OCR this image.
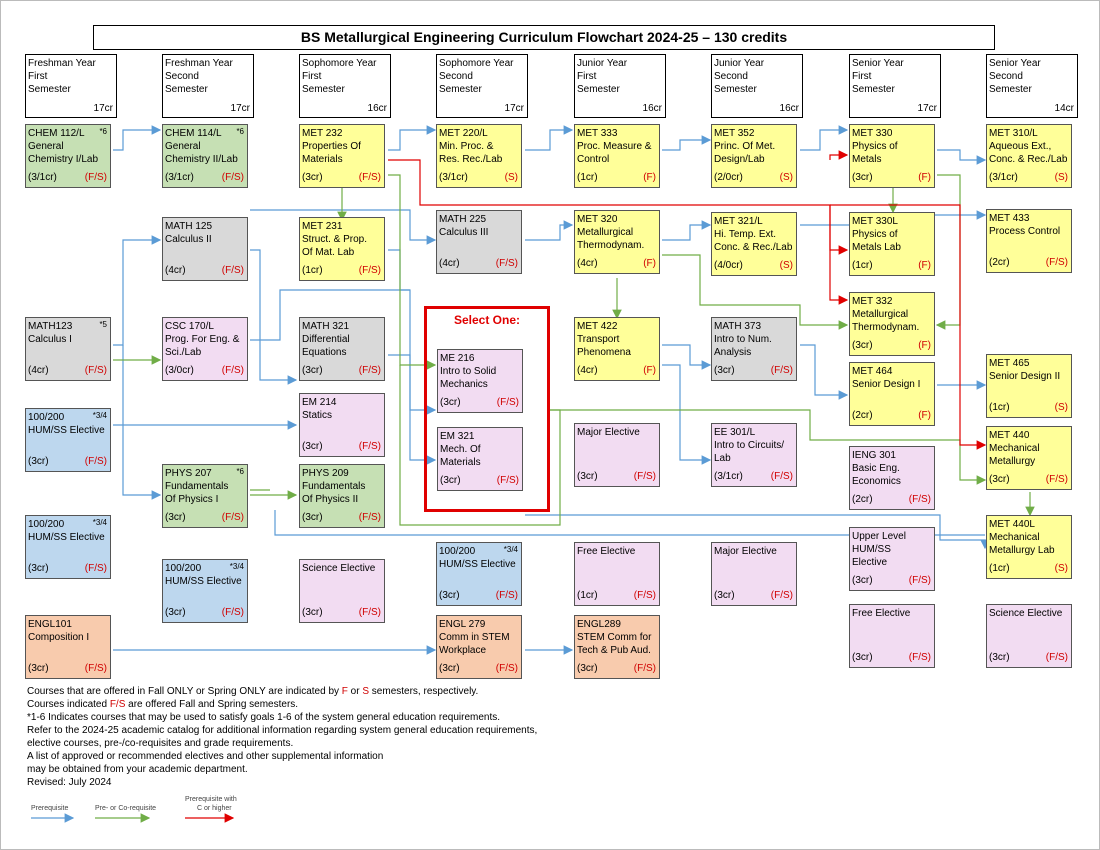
BS Metallurgical Engineering Curriculum Flowchart 2024-25 – 130 credits
Freshman Year
First
Semester
17cr
Freshman Year
Second
Semester
17cr
Sophomore Year
First
Semester
16cr
Sophomore Year
Second
Semester
17cr
Junior Year
First
Semester
16cr
Junior Year
Second
Semester
16cr
Senior Year
First
Semester
17cr
Senior Year
Second
Semester
14cr
CHEM 112/L
General
Chemistry I/Lab
*6
(3/1cr)	(F/S)
CHEM 114/L
General
Chemistry II/Lab
*6
(3/1cr)	(F/S)
MET 232
Properties Of
Materials
(3cr)	(F/S)
MET 220/L
Min. Proc. &
Res. Rec./Lab
(3/1cr)	(S)
MET 333
Proc. Measure &
Control
(1cr)	(F)
MET 352
Princ. Of Met.
Design/Lab
(2/0cr)	(S)
MET 330
Physics of
Metals
(3cr)	(F)
MET 310/L
Aqueous Ext.,
Conc. & Rec./Lab
(3/1cr)	(S)
MATH 125
Calculus II
(4cr)	(F/S)
MET 231
Struct. & Prop.
Of Mat. Lab
(1cr)	(F/S)
MATH 225
Calculus III
(4cr)	(F/S)
MET 320
Metallurgical
Thermodynam.
(4cr)	(F)
MET 321/L
Hi. Temp. Ext.
Conc. & Rec./Lab
(4/0cr)	(S)
MET 330L
Physics of
Metals Lab
(1cr)	(F)
MET 433
Process Control
(2cr)	(F/S)
MATH123
Calculus I
*5
(4cr)	(F/S)
CSC 170/L
Prog. For Eng. &
Sci./Lab
(3/0cr)	(F/S)
MATH 321
Differential
Equations
(3cr)	(F/S)
ME 216
Intro to Solid
Mechanics
(3cr)	(F/S)
MET 422
Transport
Phenomena
(4cr)	(F)
MATH 373
Intro to Num.
Analysis
(3cr)	(F/S)
MET 332
Metallurgical
Thermodynam.
(3cr)	(F)
MET 465
Senior Design II
(1cr)	(S)
100/200
HUM/SS Elective
*3/4
(3cr)	(F/S)
EM 214
Statics
(3cr)	(F/S)
EM 321
Mech. Of
Materials
(3cr)	(F/S)
Major Elective
(3cr)	(F/S)
EE 301/L
Intro to Circuits/
Lab
(3/1cr)	(F/S)
MET 464
Senior Design I
(2cr)	(F)
IENG 301
Basic Eng.
Economics
(2cr)	(F/S)
MET 440
Mechanical
Metallurgy
(3cr)	(F/S)
PHYS 207
Fundamentals
Of Physics I
*6
(3cr)	(F/S)
PHYS 209
Fundamentals
Of Physics II
(3cr)	(F/S)
100/200
HUM/SS Elective
*3/4
(3cr)	(F/S)
100/200
HUM/SS Elective
*3/4
(3cr)	(F/S)
Free Elective
(1cr)	(F/S)
Major Elective
(3cr)	(F/S)
Upper Level
HUM/SS
Elective
(3cr)	(F/S)
MET 440L
Mechanical
Metallurgy Lab
(1cr)	(S)
100/200
HUM/SS Elective
*3/4
(3cr)	(F/S)
Science Elective
(3cr)	(F/S)
ENGL101
Composition I
(3cr)	(F/S)
ENGL 279
Comm in STEM
Workplace
(3cr)	(F/S)
ENGL289
STEM Comm for
Tech & Pub Aud.
(3cr)	(F/S)
Free Elective
(3cr)	(F/S)
Science Elective
(3cr)	(F/S)
Select One:
Courses that are offered in Fall ONLY or Spring ONLY are indicated by F or S semesters, respectively.
Courses indicated F/S are offered Fall and Spring semesters.
*1-6 Indicates courses that may be used to satisfy goals 1-6 of the system general education requirements.
Refer to the 2024-25 academic catalog for additional information regarding system general education requirements,
elective courses, pre-/co-requisites and grade requirements.
A list of approved or recommended electives and other supplemental information
may be obtained from your academic department.
Revised: July 2024
Prerequisite	Pre- or Co-requisite
Prerequisite with
C or higher
